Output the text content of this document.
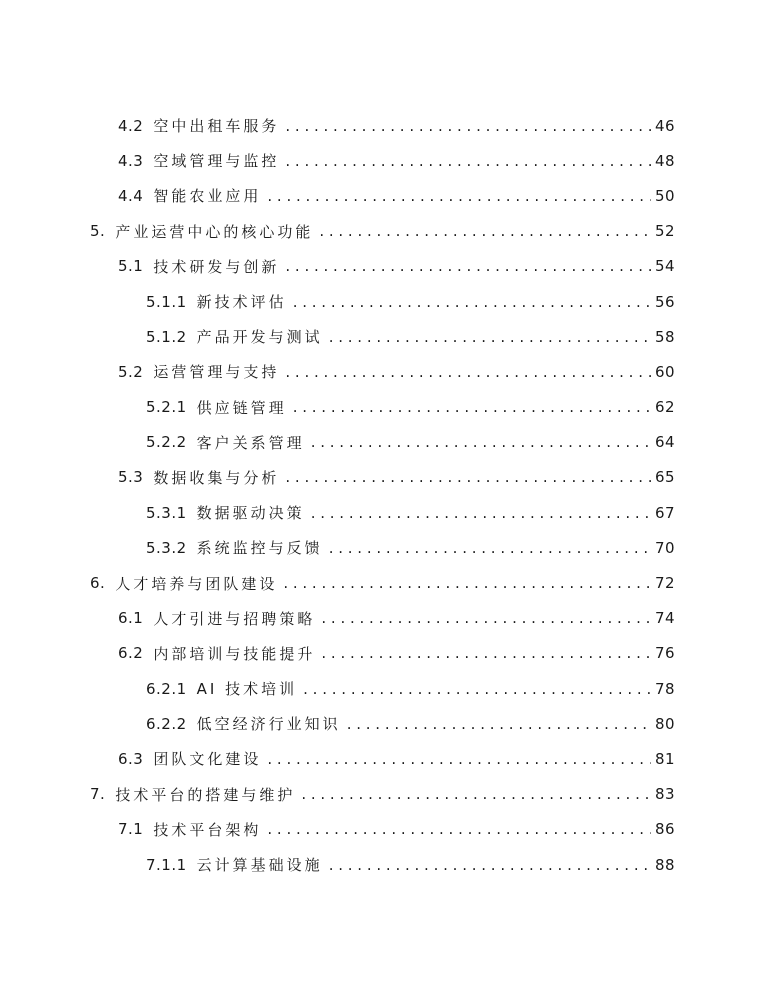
4.2 空中出租车服务 . . .	46
4.3 空域管理与监控 . . .	48
4.4 智能农业应用 . . .	50
5. 产业运营中心的核心功能 . . .	52
5.1 技术研发与创新 . . .	54
5.1.1 新技术评估 . . .	56
5.1.2 产品开发与测试 . . .	58
5.2 运营管理与支持 . . .	60
5.2.1 供应链管理 . . .	62
5.2.2 客户关系管理 . . .	64
5.3 数据收集与分析 . . .	65
5.3.1 数据驱动决策 . . .	67
5.3.2 系统监控与反馈 . . .	70
6. 人才培养与团队建设 . . .	72
6.1 人才引进与招聘策略 . . .	74
6.2 内部培训与技能提升 . . .	76
6.2.1 AI 技术培训 . . .	78
6.2.2 低空经济行业知识 . . .	80
6.3 团队文化建设 . . .	81
7. 技术平台的搭建与维护 . . .	83
7.1 技术平台架构 . . .	86
7.1.1 云计算基础设施 . . .	88
